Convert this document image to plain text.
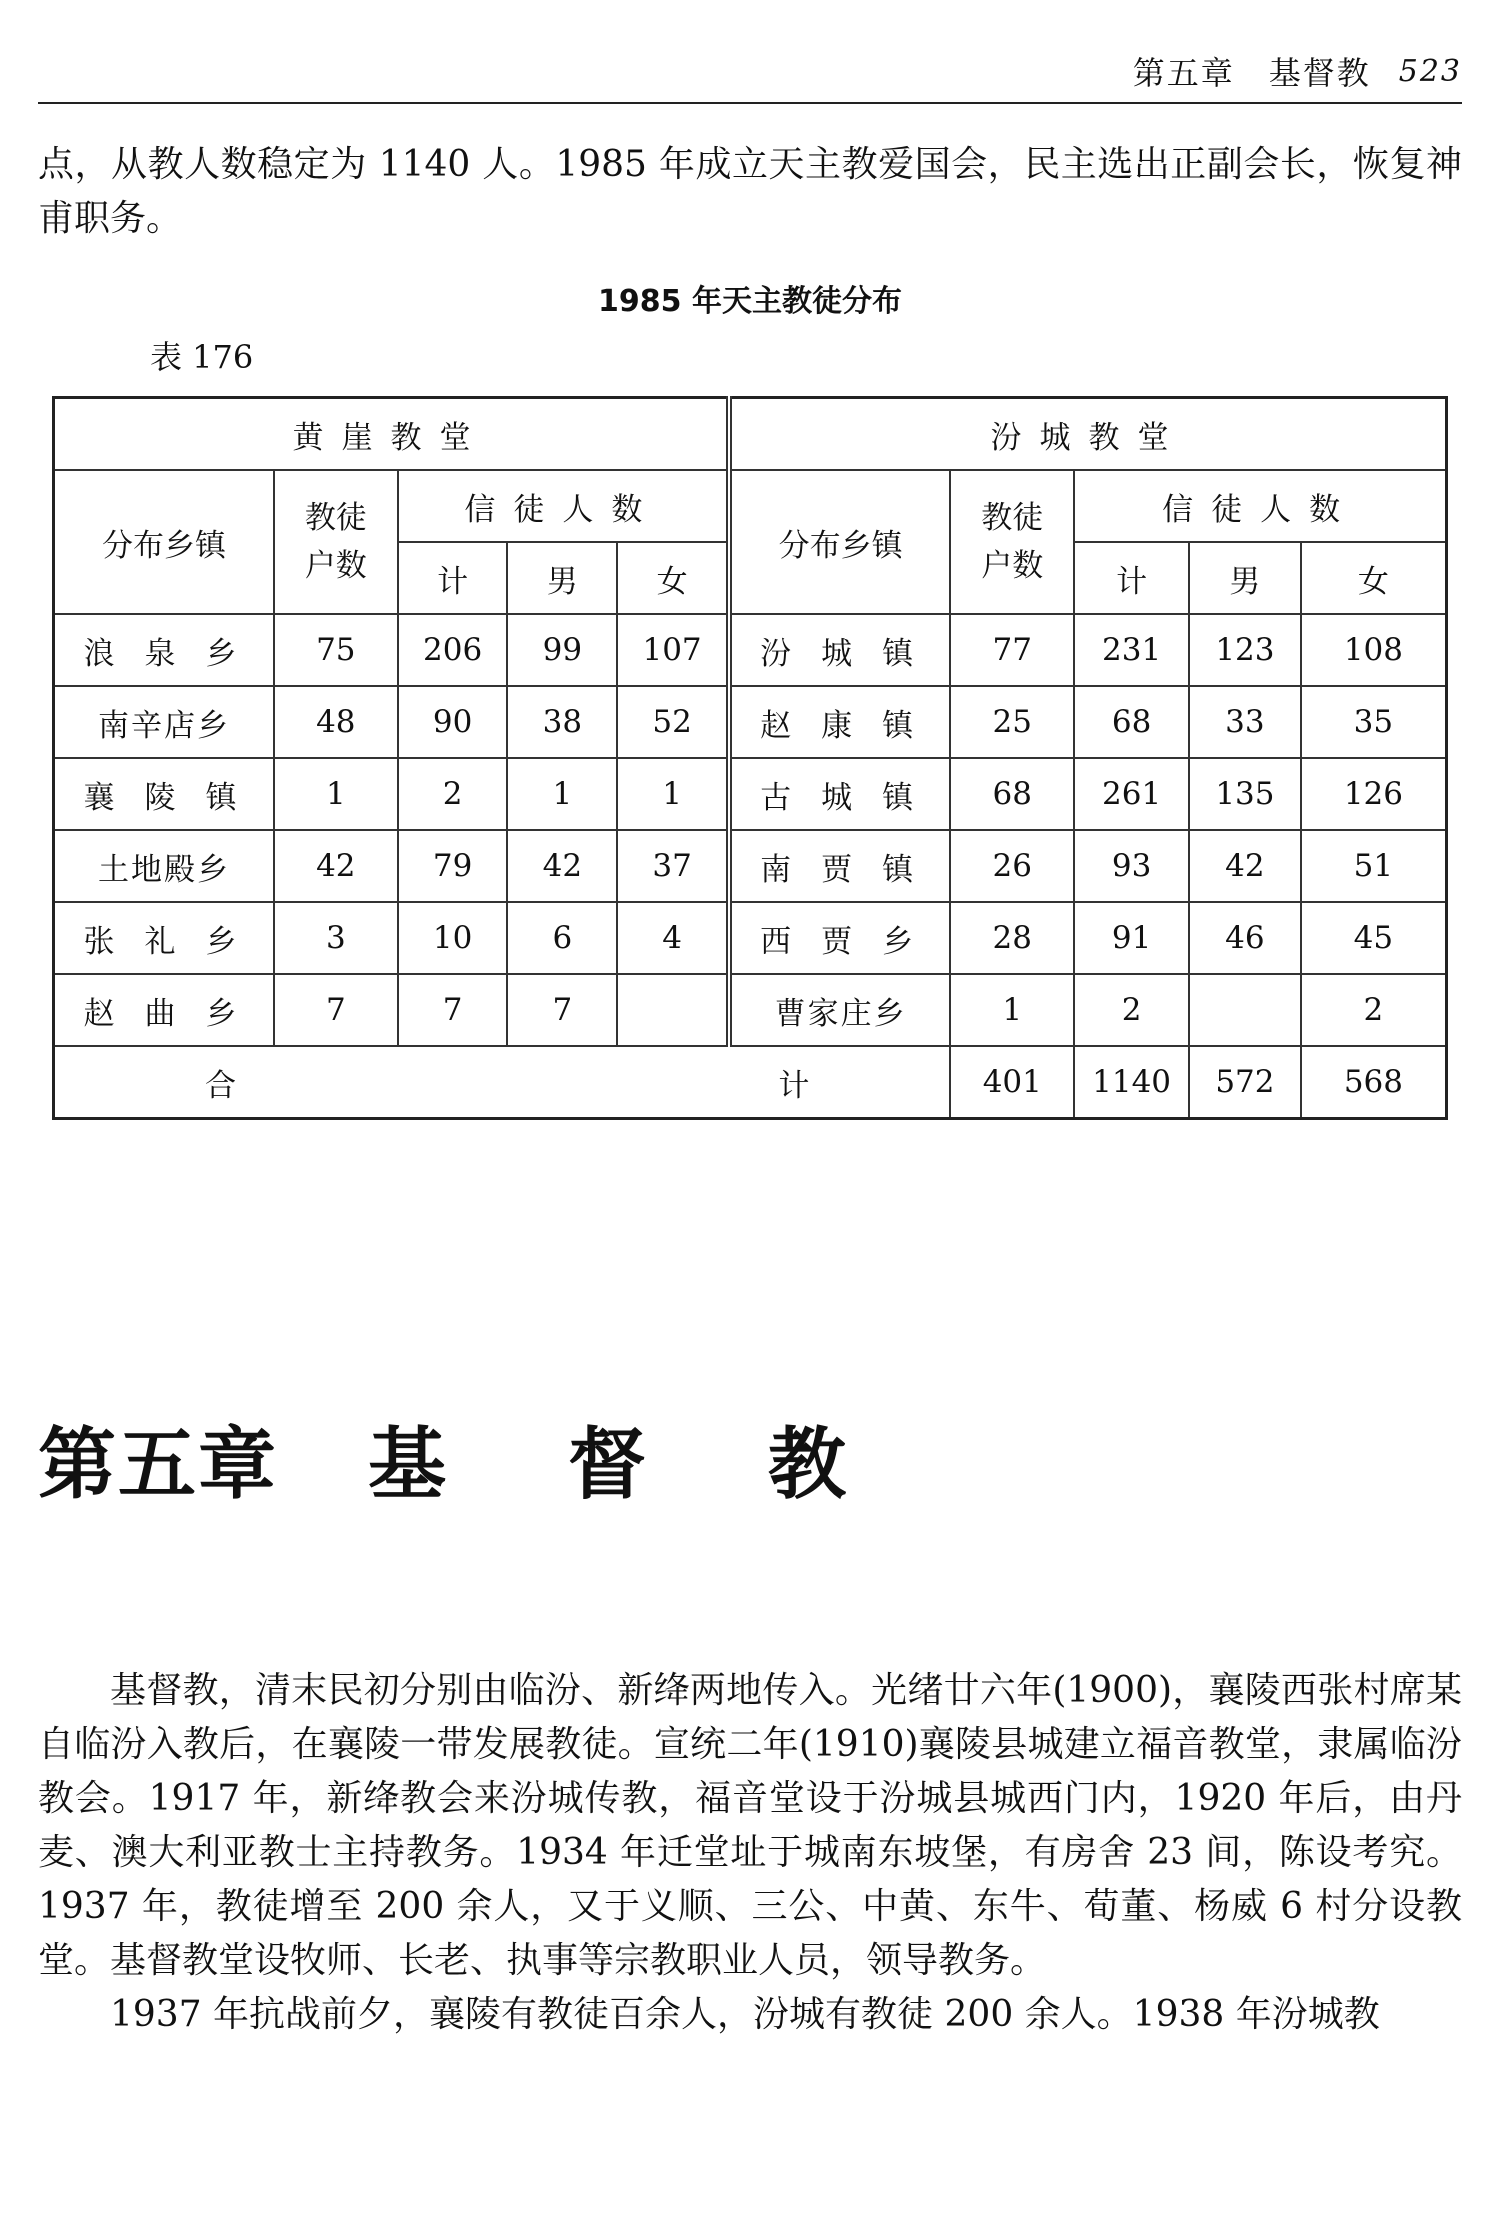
第五章　基督教 523
点，从教人数稳定为 1140 人。1985 年成立天主教爱国会，民主选出正副会长，恢复神甫职务。
1985 年天主教徒分布
表 176
黄崖教堂					汾城教堂				
分布乡镇	教徒户数	信徒人数			分布乡镇	教徒户数	信徒人数		
		计	男	女			计	男	女
浪泉乡	75	206	99	107	汾城镇	77	231	123	108
南辛店乡	48	90	38	52	赵康镇	25	68	33	35
襄陵镇	1	2	1	1	古城镇	68	261	135	126
土地殿乡	42	79	42	37	南贾镇	26	93	42	51
张礼乡	3	10	6	4	西贾乡	28	91	46	45
赵曲乡	7	7	7		曹家庄乡	1	2		2

合 计						401	1140	572	568
第五章 基 督 教

基督教，清末民初分别由临汾、新绛两地传入。光绪廿六年(1900)，襄陵西张村席某自临汾入教后，在襄陵一带发展教徒。宣统二年(1910)襄陵县城建立福音教堂，隶属临汾教会。1917 年，新绛教会来汾城传教，福音堂设于汾城县城西门内，1920 年后，由丹麦、澳大利亚教士主持教务。1934 年迁堂址于城南东坡堡，有房舍 23 间，陈设考究。1937 年，教徒增至 200 余人，又于义顺、三公、中黄、东牛、荀董、杨威 6 村分设教堂。基督教堂设牧师、长老、执事等宗教职业人员，领导教务。

1937 年抗战前夕，襄陵有教徒百余人，汾城有教徒 200 余人。1938 年汾城教
